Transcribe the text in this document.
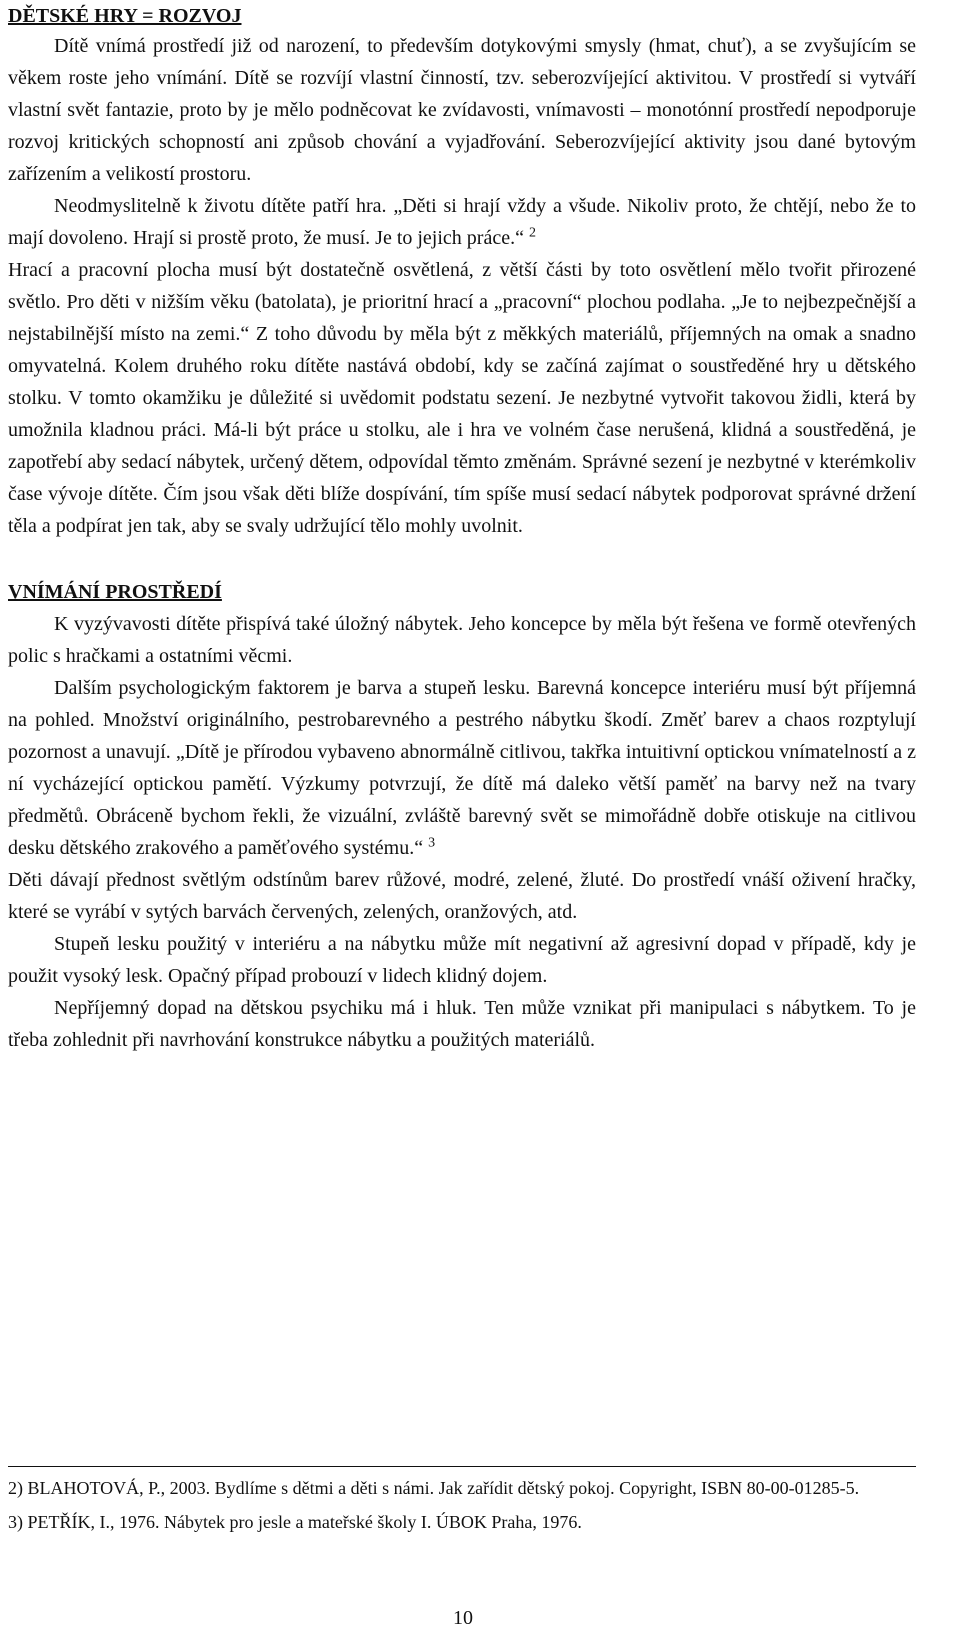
DĚTSKÉ HRY = ROZVOJ

Dítě vnímá prostředí již od narození, to především dotykovými smysly (hmat, chuť), a se zvyšujícím se věkem roste jeho vnímání. Dítě se rozvíjí vlastní činností, tzv. seberozvíjející aktivitou. V prostředí si vytváří vlastní svět fantazie, proto by je mělo podněcovat ke zvídavosti, vnímavosti – monotónní prostředí nepodporuje rozvoj kritických schopností ani způsob chování a vyjadřování. Seberozvíjející aktivity jsou dané bytovým zařízením a velikostí prostoru.

Neodmyslitelně k životu dítěte patří hra. „Děti si hrají vždy a všude. Nikoliv proto, že chtějí, nebo že to mají dovoleno. Hrají si prostě proto, že musí. Je to jejich práce.“ $^2$

Hrací a pracovní plocha musí být dostatečně osvětlená, z větší části by toto osvětlení mělo tvořit přirozené světlo. Pro děti v nižším věku (batolata), je prioritní hrací a „pracovní“ plochou podlaha. „Je to nejbezpečnější a nejstabilnější místo na zemi.“ Z toho důvodu by měla být z měkkých materiálů, příjemných na omak a snadno omyvatelná. Kolem druhého roku dítěte nastává období, kdy se začíná zajímat o soustředěné hry u dětského stolku. V tomto okamžiku je důležité si uvědomit podstatu sezení. Je nezbytné vytvořit takovou židli, která by umožnila kladnou práci. Má-li být práce u stolku, ale i hra ve volném čase nerušená, klidná a soustředěná, je zapotřebí aby sedací nábytek, určený dětem, odpovídal těmto změnám. Správné sezení je nezbytné v kterémkoliv čase vývoje dítěte. Čím jsou však děti blíže dospívání, tím spíše musí sedací nábytek podporovat správné držení těla a podpírat jen tak, aby se svaly udržující tělo mohly uvolnit.

VNÍMÁNÍ PROSTŘEDÍ

K vyzývavosti dítěte přispívá také úložný nábytek. Jeho koncepce by měla být řešena ve formě otevřených polic s hračkami a ostatními věcmi.

Dalším psychologickým faktorem je barva a stupeň lesku. Barevná koncepce interiéru musí být příjemná na pohled. Množství originálního, pestrobarevného a pestrého nábytku škodí. Změť barev a chaos rozptylují pozornost a unavují. „Dítě je přírodou vybaveno abnormálně citlivou, takřka intuitivní optickou vnímatelností a z ní vycházející optickou pamětí. Výzkumy potvrzují, že dítě má daleko větší paměť na barvy než na tvary předmětů. Obráceně bychom řekli, že vizuální, zvláště barevný svět se mimořádně dobře otiskuje na citlivou desku dětského zrakového a paměťového systému.“ $^3$

Děti dávají přednost světlým odstínům barev růžové, modré, zelené, žluté. Do prostředí vnáší oživení hračky, které se vyrábí v sytých barvách červených, zelených, oranžových, atd.

Stupeň lesku použitý v interiéru a na nábytku může mít negativní až agresivní dopad v případě, kdy je použit vysoký lesk. Opačný případ probouzí v lidech klidný dojem.

Nepříjemný dopad na dětskou psychiku má i hluk. Ten může vznikat při manipulaci s nábytkem. To je třeba zohlednit při navrhování konstrukce nábytku a použitých materiálů.

2) BLAHOTOVÁ, P., 2003. Bydlíme s dětmi a děti s námi. Jak zařídit dětský pokoj. Copyright, ISBN 80-00-01285-5.

3) PETŘÍK, I., 1976. Nábytek pro jesle a mateřské školy I. ÚBOK Praha, 1976.

10
